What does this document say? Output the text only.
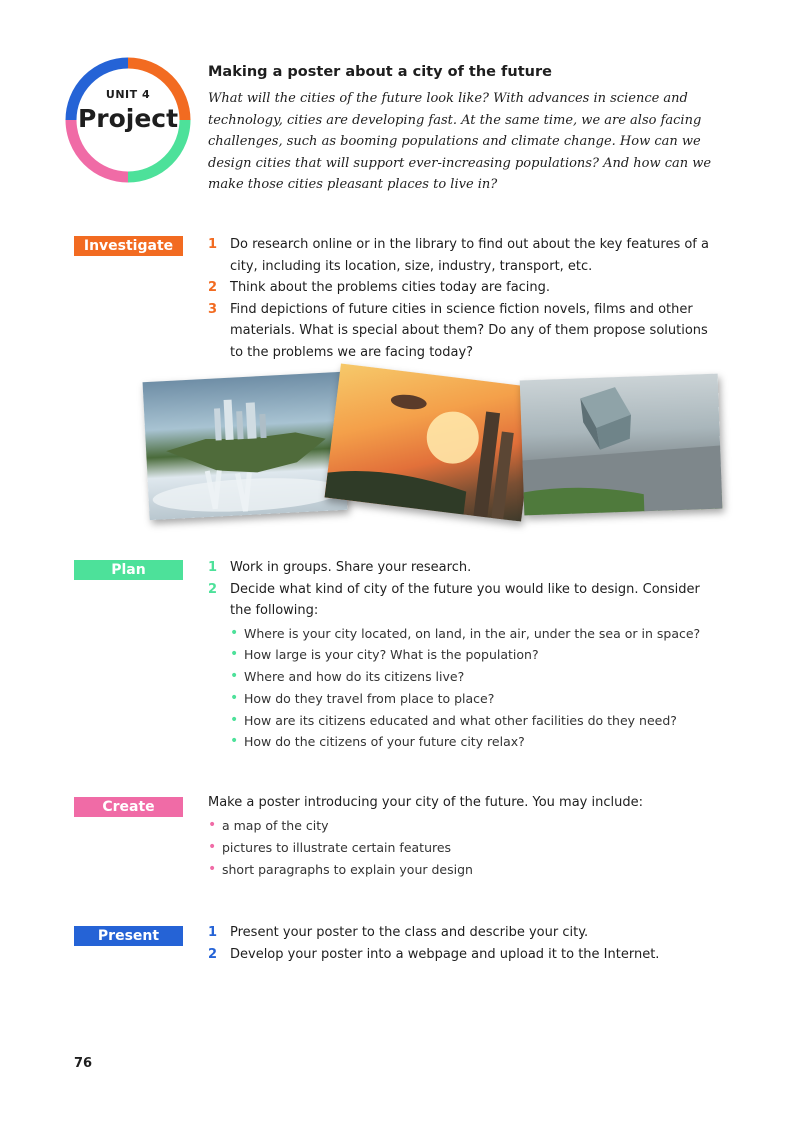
UNIT 4
Project
Making a poster about a city of the future

What will the cities of the future look like? With advances in science and technology, cities are developing fast. At the same time, we are also facing challenges, such as booming populations and climate change. How can we design cities that will support ever-increasing populations? And how can we make those cities pleasant places to live in?

Investigate	1 Do research online or in the library to find out about the key features of a city, including its location, size, industry, transport, etc.
2 Think about the problems cities today are facing.
3 Find depictions of future cities in science fiction novels, films and other materials. What is special about them? Do any of them propose solutions to the problems we are facing today?
Plan	1 Work in groups. Share your research.
2 Decide what kind of city of the future you would like to design. Consider the following:
• Where is your city located, on land, in the air, under the sea or in space?
• How large is your city? What is the population?
• Where and how do its citizens live?
• How do they travel from place to place?
• How are its citizens educated and what other facilities do they need?
• How do the citizens of your future city relax?
Create	Make a poster introducing your city of the future. You may include:
• a map of the city
• pictures to illustrate certain features
• short paragraphs to explain your design
Present	1 Present your poster to the class and describe your city.
2 Develop your poster into a webpage and upload it to the Internet.
76
